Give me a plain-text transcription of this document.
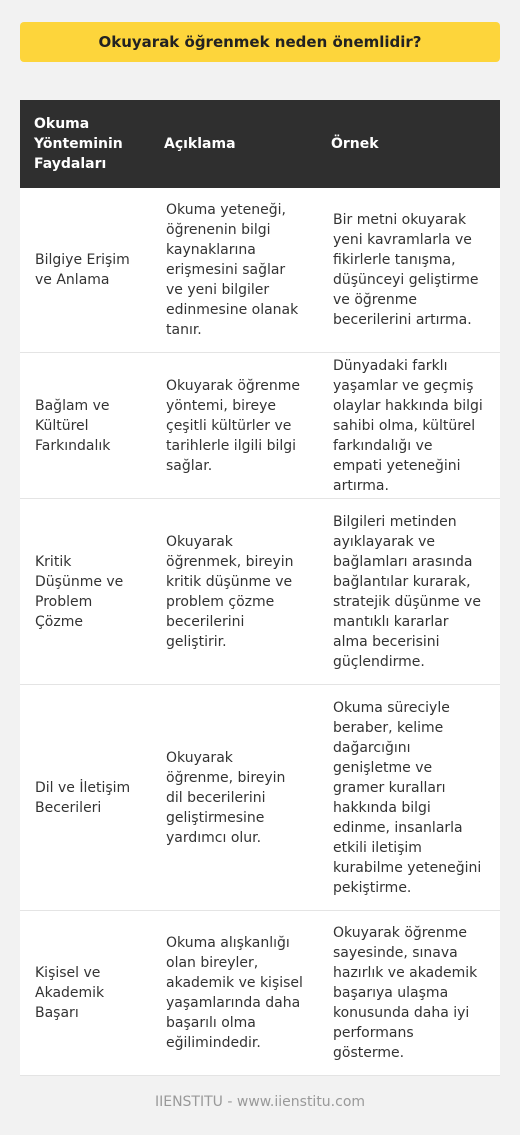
Okuyarak öğrenmek neden önemlidir?
Okuma Yönteminin Faydaları	Açıklama	Örnek
Bilgiye Erişim ve Anlama	Okuma yeteneği, öğrenenin bilgi kaynaklarına erişmesini sağlar ve yeni bilgiler edinmesine olanak tanır.	Bir metni okuyarak yeni kavramlarla ve fikirlerle tanışma, düşünceyi geliştirme ve öğrenme becerilerini artırma.
Bağlam ve Kültürel Farkındalık	Okuyarak öğrenme yöntemi, bireye çeşitli kültürler ve tarihlerle ilgili bilgi sağlar.	Dünyadaki farklı yaşamlar ve geçmiş olaylar hakkında bilgi sahibi olma, kültürel farkındalığı ve empati yeteneğini artırma.
Kritik Düşünme ve Problem Çözme	Okuyarak öğrenmek, bireyin kritik düşünme ve problem çözme becerilerini geliştirir.	Bilgileri metinden ayıklayarak ve bağlamları arasında bağlantılar kurarak, stratejik düşünme ve mantıklı kararlar alma becerisini güçlendirme.
Dil ve İletişim Becerileri	Okuyarak öğrenme, bireyin dil becerilerini geliştirmesine yardımcı olur.	Okuma süreciyle beraber, kelime dağarcığını genişletme ve gramer kuralları hakkında bilgi edinme, insanlarla etkili iletişim kurabilme yeteneğini pekiştirme.
Kişisel ve Akademik Başarı	Okuma alışkanlığı olan bireyler, akademik ve kişisel yaşamlarında daha başarılı olma eğilimindedir.	Okuyarak öğrenme sayesinde, sınava hazırlık ve akademik başarıya ulaşma konusunda daha iyi performans gösterme.
IIENSTITU - www.iienstitu.com
